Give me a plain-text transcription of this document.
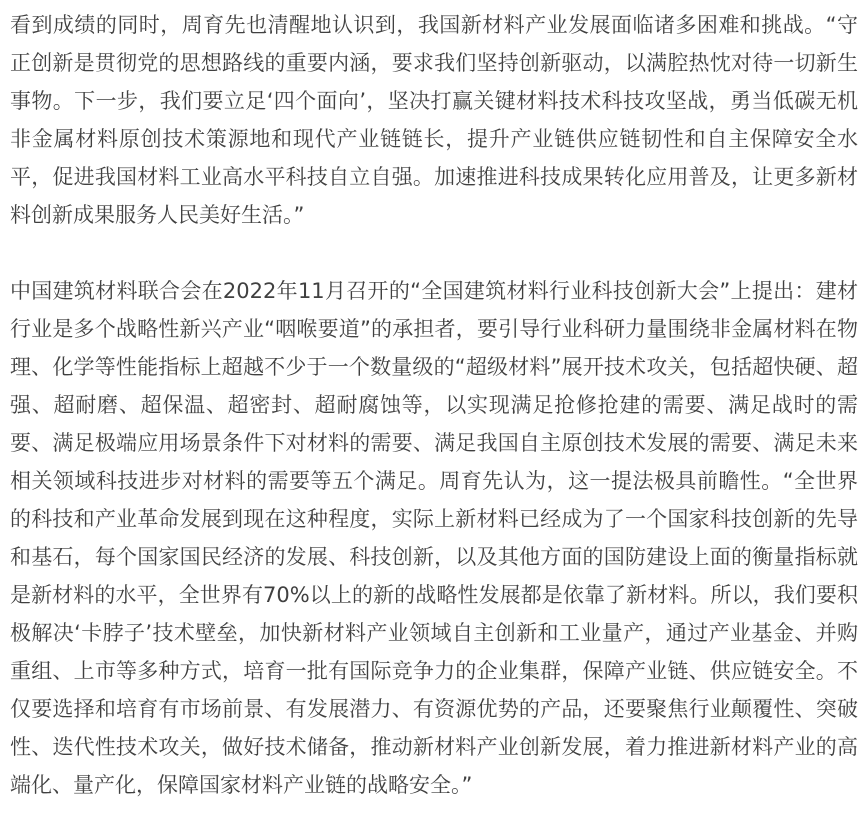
看到成绩的同时，周育先也清醒地认识到，我国新材料产业发展面临诸多困难和挑战。“守正创新是贯彻党的思想路线的重要内涵，要求我们坚持创新驱动，以满腔热忱对待一切新生事物。下一步，我们要立足‘四个面向’，坚决打赢关键材料技术科技攻坚战，勇当低碳无机非金属材料原创技术策源地和现代产业链链长，提升产业链供应链韧性和自主保障安全水平，促进我国材料工业高水平科技自立自强。加速推进科技成果转化应用普及，让更多新材料创新成果服务人民美好生活。”

中国建筑材料联合会在2022年11月召开的“全国建筑材料行业科技创新大会”上提出：建材行业是多个战略性新兴产业“咽喉要道”的承担者，要引导行业科研力量围绕非金属材料在物理、化学等性能指标上超越不少于一个数量级的“超级材料”展开技术攻关，包括超快硬、超强、超耐磨、超保温、超密封、超耐腐蚀等，以实现满足抢修抢建的需要、满足战时的需要、满足极端应用场景条件下对材料的需要、满足我国自主原创技术发展的需要、满足未来相关领域科技进步对材料的需要等五个满足。周育先认为，这一提法极具前瞻性。“全世界的科技和产业革命发展到现在这种程度，实际上新材料已经成为了一个国家科技创新的先导和基石，每个国家国民经济的发展、科技创新，以及其他方面的国防建设上面的衡量指标就是新材料的水平，全世界有70%以上的新的战略性发展都是依靠了新材料。所以，我们要积极解决‘卡脖子’技术壁垒，加快新材料产业领域自主创新和工业量产，通过产业基金、并购重组、上市等多种方式，培育一批有国际竞争力的企业集群，保障产业链、供应链安全。不仅要选择和培育有市场前景、有发展潜力、有资源优势的产品，还要聚焦行业颠覆性、突破性、迭代性技术攻关，做好技术储备，推动新材料产业创新发展，着力推进新材料产业的高端化、量产化，保障国家材料产业链的战略安全。”
